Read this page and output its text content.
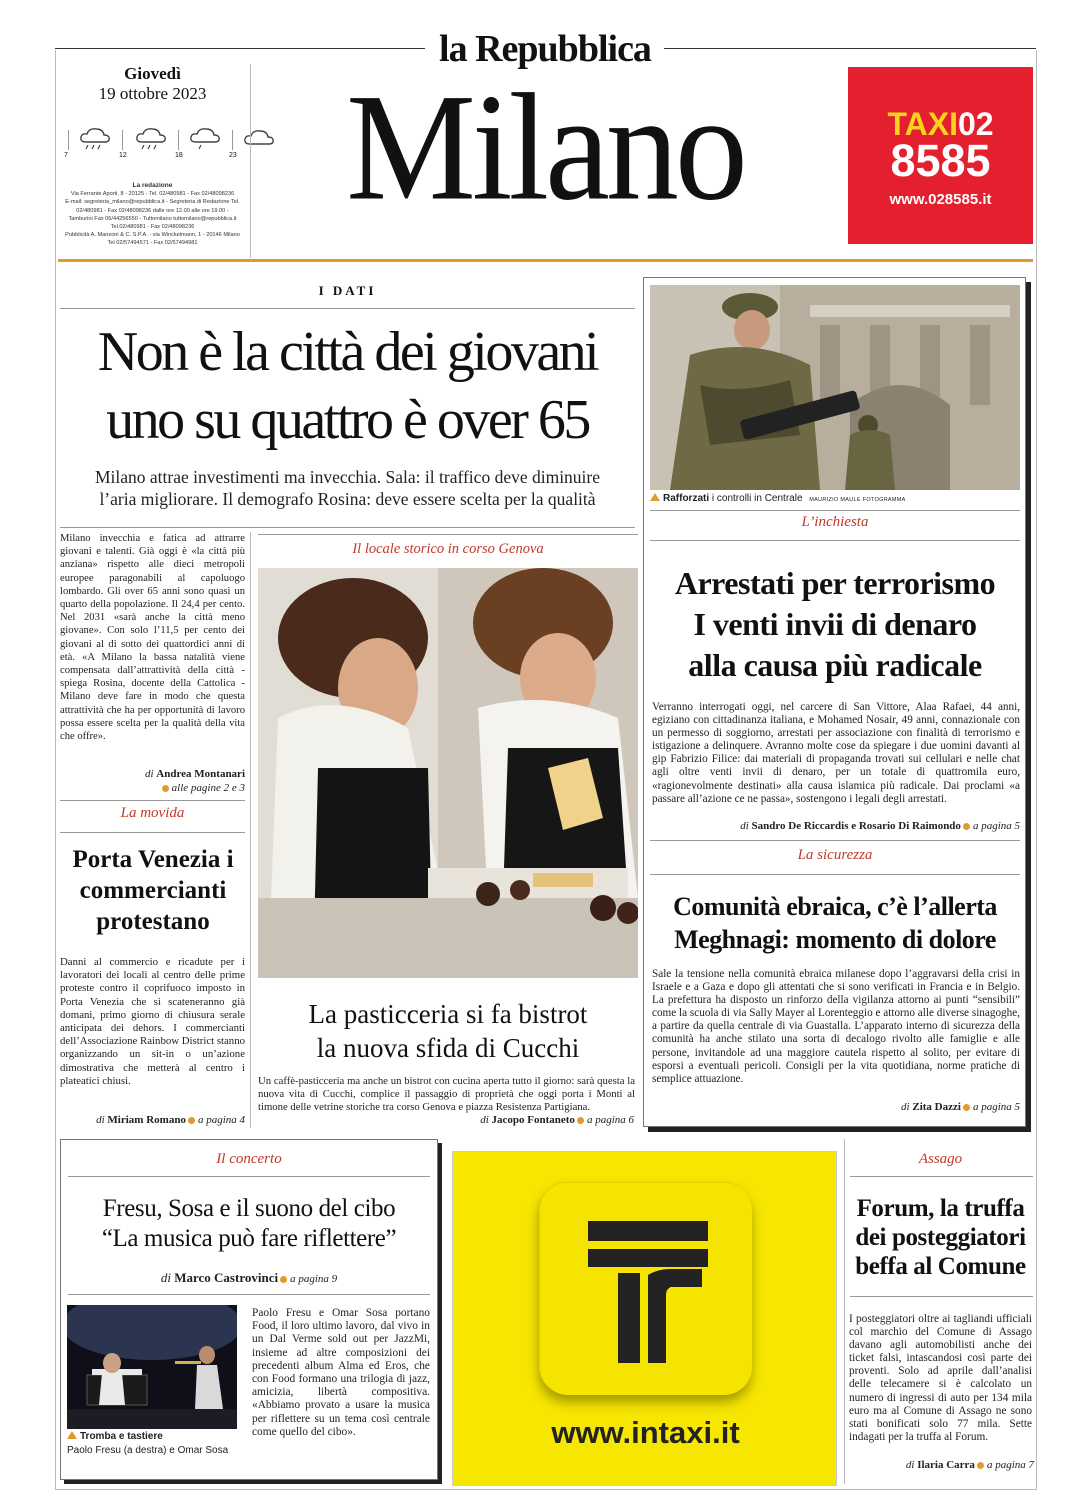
la Repubblica
Giovedì
19 ottobre 2023
7	12	18	23
La redazione
Via Ferrante Aporti, 8 - 20125 - Tel. 02/480981 - Fax 02/48098236
E-mail: segreteria_milano@repubblica.it - Segreteria di Redazione Tel.
02/480981 - Fax 02/48098236 dalle ore 12.00 alle ore 19.00 -
Tamburini Fax 06/44256550 - Tuttomilano tuttomilano@repubblica.it
Tel.02/480981 - Fax 02/48098236
Pubblicità A. Manzoni & C. S.P.A. - via Winckelmann, 1 - 20146 Milano
Tel 02/57494571 - Fax 02/57494981
Milano	TAXI02
8585
www.028585.it
I DATI
Non è la città dei giovani
uno su quattro è over 65
Milano attrae investimenti ma invecchia. Sala: il traffico deve diminuire
l’aria migliorare. Il demografo Rosina: deve essere scelta per la qualità
Milano invecchia e fatica ad attrarre giovani e talenti. Già oggi è «la città più anziana» rispetto alle dieci metropoli europee paragonabili al capoluogo lombardo. Gli over 65 anni sono quasi un quarto della popolazione. Il 24,4 per cento. Nel 2031 «sarà anche la città meno giovane». Con solo l’11,5 per cento dei giovani al di sotto dei quattordici anni di età. «A Milano la bassa natalità viene compensata dall’attrattività della città - spiega Rosina, docente della Cattolica - Milano deve fare in modo che questa attrattività che ha per opportunità di lavoro possa essere scelta per la qualità della vita che offre».
di Andrea Montanari
alle pagine 2 e 3
La movida
Porta Venezia i commercianti protestano
Danni al commercio e ricadute per i lavoratori dei locali al centro delle prime proteste contro il coprifuoco imposto in Porta Venezia che si scateneranno già domani, primo giorno di chiusura serale anticipata dei dehors. I commercianti dell’Associazione Rainbow District stanno organizzando un sit-in o un’azione dimostrativa che metterà al centro i plateatici chiusi.
di Miriam Romano a pagina 4
Il locale storico in corso Genova
La pasticceria si fa bistrot
la nuova sfida di Cucchi
Un caffè-pasticceria ma anche un bistrot con cucina aperta tutto il giorno: sarà questa la nuova vita di Cucchi, complice il passaggio di proprietà che oggi porta i Monti al timone delle vetrine storiche tra corso Genova e piazza Resistenza Partigiana.
di Jacopo Fontaneto a pagina 6
Rafforzati i controlli in Centrale MAURIZIO MAULE FOTOGRAMMA
L’inchiesta
Arrestati per terrorismo
I venti invii di denaro
alla causa più radicale
Verranno interrogati oggi, nel carcere di San Vittore, Alaa Rafaei, 44 anni, egiziano con cittadinanza italiana, e Mohamed Nosair, 49 anni, connazionale con un permesso di soggiorno, arrestati per associazione con finalità di terrorismo e istigazione a delinquere. Avranno molte cose da spiegare i due uomini davanti al gip Fabrizio Filice: dai materiali di propaganda trovati sui cellulari e nelle chat agli oltre venti invii di denaro, per un totale di quattromila euro, «ragionevolmente destinati» alla causa islamica più radicale. Dai proclami «a passare all’azione ce ne passa», sostengono i legali degli arrestati.
di Sandro De Riccardis e Rosario Di Raimondo a pagina 5
La sicurezza
Comunità ebraica, c’è l’allerta
Meghnagi: momento di dolore
Sale la tensione nella comunità ebraica milanese dopo l’aggravarsi della crisi in Israele e a Gaza e dopo gli attentati che si sono verificati in Francia e in Belgio. La prefettura ha disposto un rinforzo della vigilanza attorno ai punti “sensibili” come la scuola di via Sally Mayer al Lorenteggio e attorno alle diverse sinagoghe, a partire da quella centrale di via Guastalla. L’apparato interno di sicurezza della comunità ha anche stilato una sorta di decalogo rivolto alle famiglie e alle persone, invitandole ad una maggiore cautela rispetto al solito, per evitare di esporsi a eventuali pericoli. Consigli per la vita quotidiana, norme pratiche di semplice attuazione.
di Zita Dazzi a pagina 5
Il concerto
Fresu, Sosa e il suono del cibo
“La musica può fare riflettere”
di Marco Castrovinci a pagina 9
Tromba e tastiere
Paolo Fresu (a destra) e Omar Sosa
Paolo Fresu e Omar Sosa portano Food, il loro ultimo lavoro, dal vivo in un Dal Verme sold out per JazzMi, insieme ad altre composizioni dei precedenti album Alma ed Eros, che con Food formano una trilogia di jazz, amicizia, libertà compositiva. «Abbiamo provato a usare la musica per riflettere su un tema così centrale come quello del cibo».	www.intaxi.it
Assago
Forum, la truffa dei posteggiatori beffa al Comune
I posteggiatori oltre ai tagliandi ufficiali col marchio del Comune di Assago davano agli automobilisti anche dei ticket falsi, intascandosi così parte dei proventi. Solo ad aprile dall’analisi delle telecamere si è calcolato un numero di ingressi di auto per 134 mila euro ma al Comune di Assago ne sono stati bonificati solo 77 mila. Sette indagati per la truffa al Forum.
di Ilaria Carra a pagina 7
